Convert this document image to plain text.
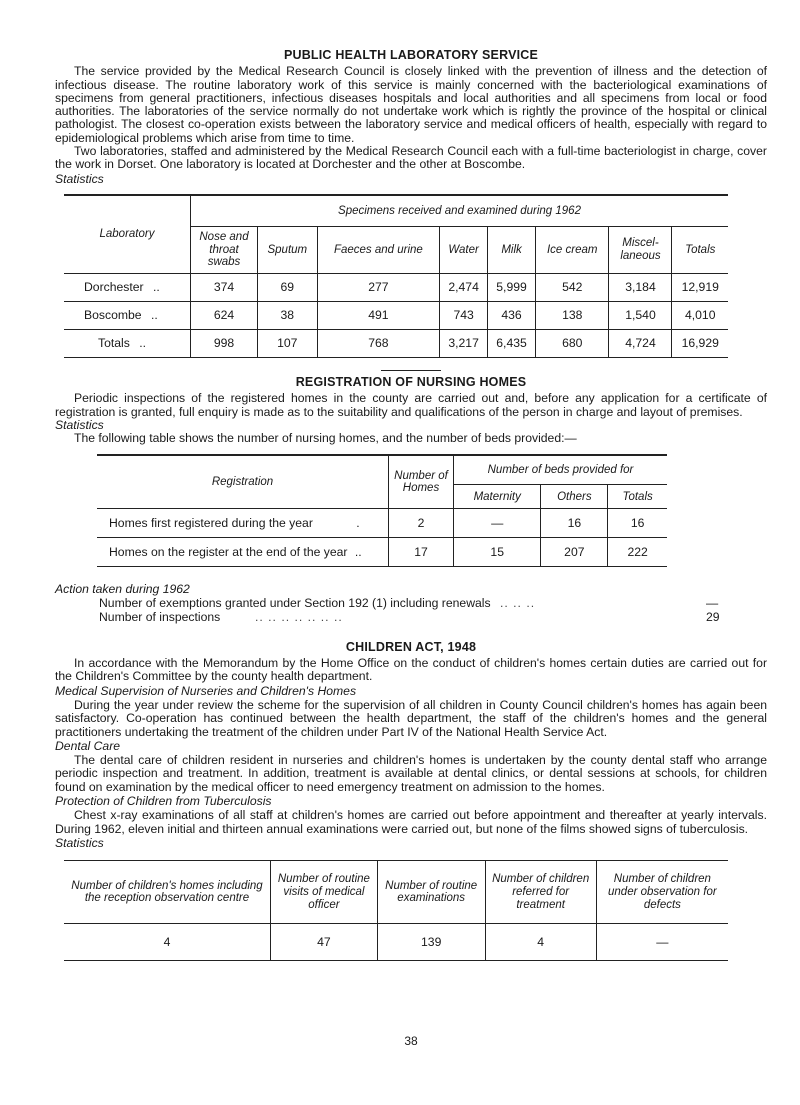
PUBLIC HEALTH LABORATORY SERVICE

The service provided by the Medical Research Council is closely linked with the prevention of illness and the detection of infectious disease. The routine laboratory work of this service is mainly concerned with the bacteriological examinations of specimens from general practitioners, infectious diseases hospitals and local authorities and all specimens from local or food authorities. The laboratories of the service normally do not undertake work which is rightly the province of the hospital or clinical pathologist. The closest co-operation exists between the laboratory service and medical officers of health, especially with regard to epidemiological problems which arise from time to time.

Two laboratories, staffed and administered by the Medical Research Council each with a full-time bacteriologist in charge, cover the work in Dorset. One laboratory is located at Dorchester and the other at Boscombe.

Statistics

Laboratory	Specimens received and examined during 1962							
	Nose and throat swabs	Sputum	Faeces and urine	Water	Milk	Ice cream	Miscel- laneous	Totals
Dorchester ..	374	69	277	2,474	5,999	542	3,184	12,919
Boscombe ..	624	38	491	743	436	138	1,540	4,010
Totals ..	998	107	768	3,217	6,435	680	4,724	16,929
REGISTRATION OF NURSING HOMES

Periodic inspections of the registered homes in the county are carried out and, before any application for a certificate of registration is granted, full enquiry is made as to the suitability and qualifications of the person in charge and layout of premises.

Statistics

The following table shows the number of nursing homes, and the number of beds provided:—

Registration	Number of Homes	Number of beds provided for		
		Maternity	Others	Totals
Homes first registered during the year .	2	—	16	16
Homes on the register at the end of the year ..	17	15	207	222
Action taken during 1962
Number of exemptions granted under Section 192 (1) including renewals .. .. ..	—
Number of inspections	.. .. .. .. .. .. ..	29
CHILDREN ACT, 1948

In accordance with the Memorandum by the Home Office on the conduct of children's homes certain duties are carried out for the Children's Committee by the county health department.

Medical Supervision of Nurseries and Children's Homes

During the year under review the scheme for the supervision of all children in County Council children's homes has again been satisfactory. Co-operation has continued between the health department, the staff of the children's homes and the general practitioners undertaking the treatment of the children under Part IV of the National Health Service Act.

Dental Care

The dental care of children resident in nurseries and children's homes is undertaken by the county dental staff who arrange periodic inspection and treatment. In addition, treatment is available at dental clinics, or dental sessions at schools, for children found on examination by the medical officer to need emergency treatment on admission to the homes.

Protection of Children from Tuberculosis

Chest x-ray examinations of all staff at children's homes are carried out before appointment and thereafter at yearly intervals. During 1962, eleven initial and thirteen annual examinations were carried out, but none of the films showed signs of tuberculosis.

Statistics

Number of children's homes including the reception observation centre	Number of routine visits of medical officer	Number of routine examinations	Number of children referred for treatment	Number of children under observation for defects
4	47	139	4	—
38
